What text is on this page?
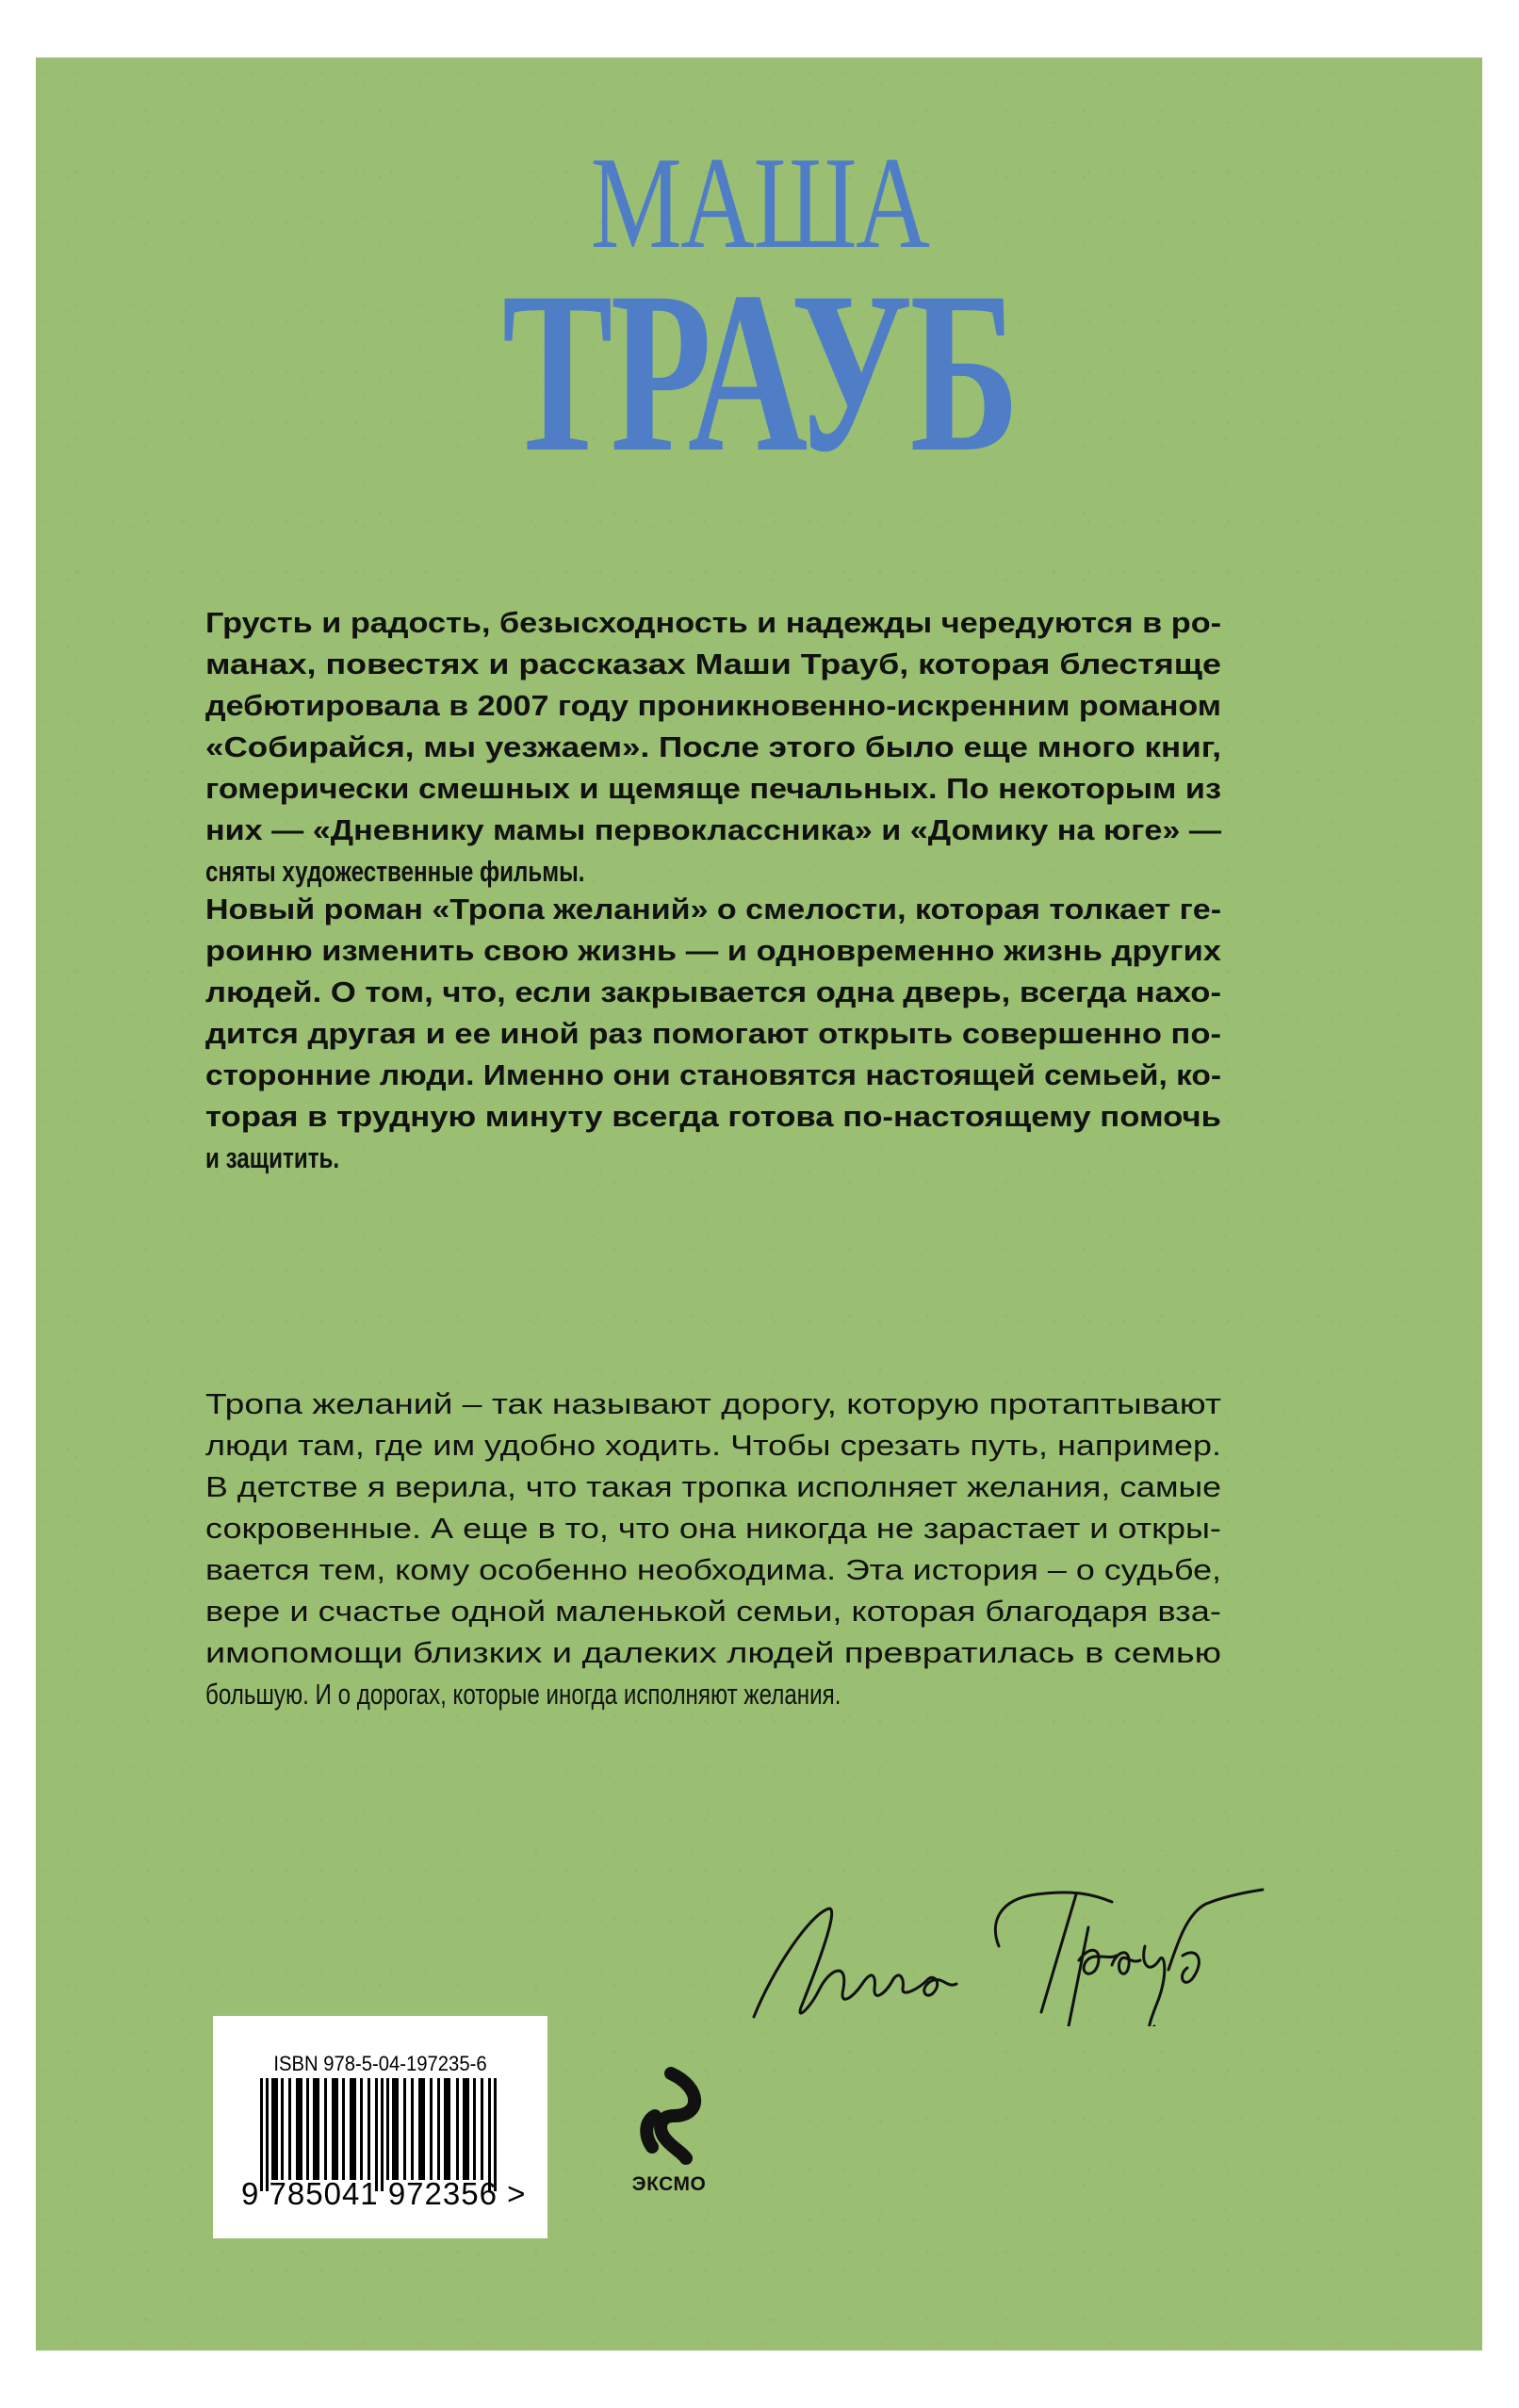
МАША
ТРАУБ
Грусть и радость, безысходность и надежды чередуются в ро-
манах, повестях и рассказах Маши Трауб, которая блестяще
дебютировала в 2007 году проникновенно-искренним романом
«Собирайся, мы уезжаем». После этого было еще много книг,
гомерически смешных и щемяще печальных. По некоторым из
них — «Дневнику мамы первоклассника» и «Домику на юге» —
сняты художественные фильмы.
Новый роман «Тропа желаний» о смелости, которая толкает ге-
роиню изменить свою жизнь — и одновременно жизнь других
людей. О том, что, если закрывается одна дверь, всегда нахо-
дится другая и ее иной раз помогают открыть совершенно по-
сторонние люди. Именно они становятся настоящей семьей, ко-
торая в трудную минуту всегда готова по-настоящему помочь
и защитить.
Тропа желаний – так называют дорогу, которую протаптывают
люди там, где им удобно ходить. Чтобы срезать путь, например.
В детстве я верила, что такая тропка исполняет желания, самые
сокровенные. А еще в то, что она никогда не зарастает и откры-
вается тем, кому особенно необходима. Эта история – о судьбе,
вере и счастье одной маленькой семьи, которая благодаря вза-
имопомощи близких и далеких людей превратилась в семью
большую. И о дорогах, которые иногда исполняют желания.
ISBN 978-5-04-197235-6
9 785041 972356 >	ЭКСМО
